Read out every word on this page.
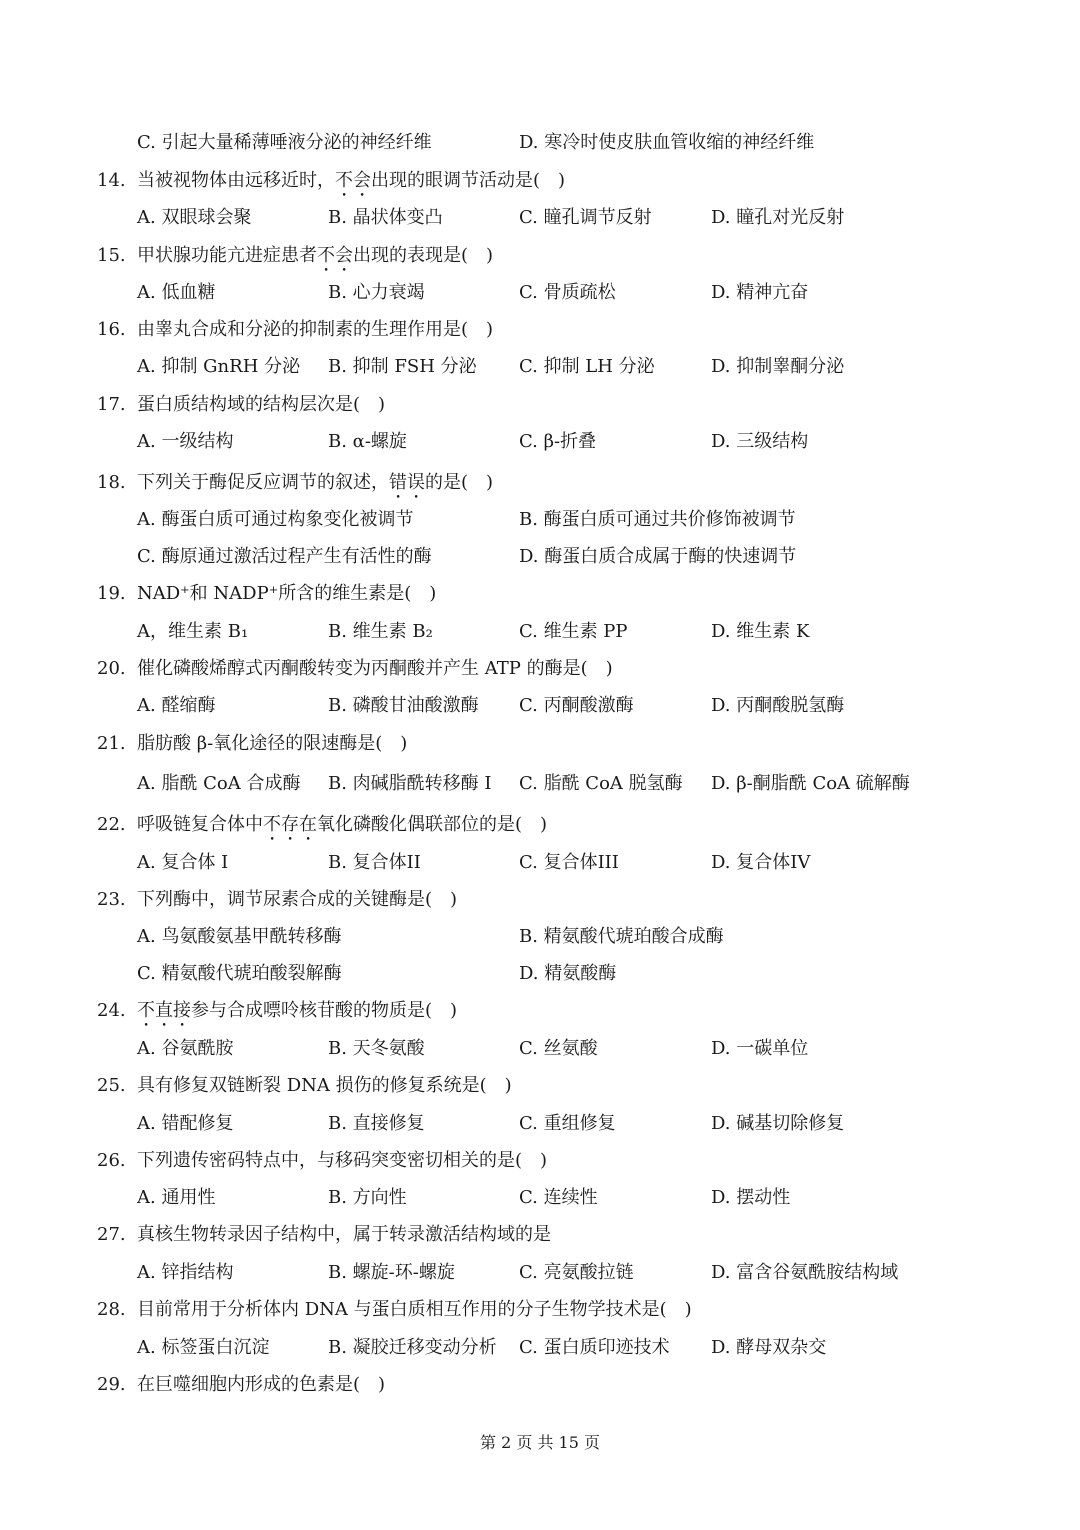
C. 引起大量稀薄唾液分泌的神经纤维	D. 寒冷时使皮肤血管收缩的神经纤维
14. 当被视物体由远移近时，不会出现的眼调节活动是( )
A. 双眼球会聚	B. 晶状体变凸	C. 瞳孔调节反射	D. 瞳孔对光反射
15. 甲状腺功能亢进症患者不会出现的表现是( )
A. 低血糖	B. 心力衰竭	C. 骨质疏松	D. 精神亢奋
16. 由睾丸合成和分泌的抑制素的生理作用是( )
A. 抑制 GnRH 分泌 B. 抑制 FSH 分泌 C. 抑制 LH 分泌	D. 抑制睾酮分泌
17. 蛋白质结构域的结构层次是( )
A. 一级结构	B. α-螺旋	C. β-折叠	D. 三级结构
18. 下列关于酶促反应调节的叙述，错误的是( )
A. 酶蛋白质可通过构象变化被调节	B. 酶蛋白质可通过共价修饰被调节
C. 酶原通过激活过程产生有活性的酶	D. 酶蛋白质合成属于酶的快速调节
19. NAD⁺和 NADP⁺所含的维生素是( )
A，维生素 B₁	B. 维生素 B₂	C. 维生素 PP	D. 维生素 K
20. 催化磷酸烯醇式丙酮酸转变为丙酮酸并产生 ATP 的酶是( )
A. 醛缩酶	B. 磷酸甘油酸激酶 C. 丙酮酸激酶	D. 丙酮酸脱氢酶
21. 脂肪酸 β-氧化途径的限速酶是( )
A. 脂酰 CoA 合成酶 B. 肉碱脂酰转移酶 I C. 脂酰 CoA 脱氢酶 D. β-酮脂酰 CoA 硫解酶
22. 呼吸链复合体中不存在氧化磷酸化偶联部位的是( )
A. 复合体 I	B. 复合体II	C. 复合体III	D. 复合体IV
23. 下列酶中，调节尿素合成的关键酶是( )
A. 鸟氨酸氨基甲酰转移酶	B. 精氨酸代琥珀酸合成酶
C. 精氨酸代琥珀酸裂解酶	D. 精氨酸酶
24. 不直接参与合成嘌呤核苷酸的物质是( )
A. 谷氨酰胺	B. 天冬氨酸	C. 丝氨酸	D. 一碳单位
25. 具有修复双链断裂 DNA 损伤的修复系统是( )
A. 错配修复	B. 直接修复	C. 重组修复	D. 碱基切除修复
26. 下列遗传密码特点中，与移码突变密切相关的是( )
A. 通用性	B. 方向性	C. 连续性	D. 摆动性
27. 真核生物转录因子结构中，属于转录激活结构域的是
A. 锌指结构	B. 螺旋-环-螺旋	C. 亮氨酸拉链	D. 富含谷氨酰胺结构域
28. 目前常用于分析体内 DNA 与蛋白质相互作用的分子生物学技术是( )
A. 标签蛋白沉淀	B. 凝胶迁移变动分析 C. 蛋白质印迹技术 D. 酵母双杂交
29. 在巨噬细胞内形成的色素是( )
第 2 页 共 15 页
